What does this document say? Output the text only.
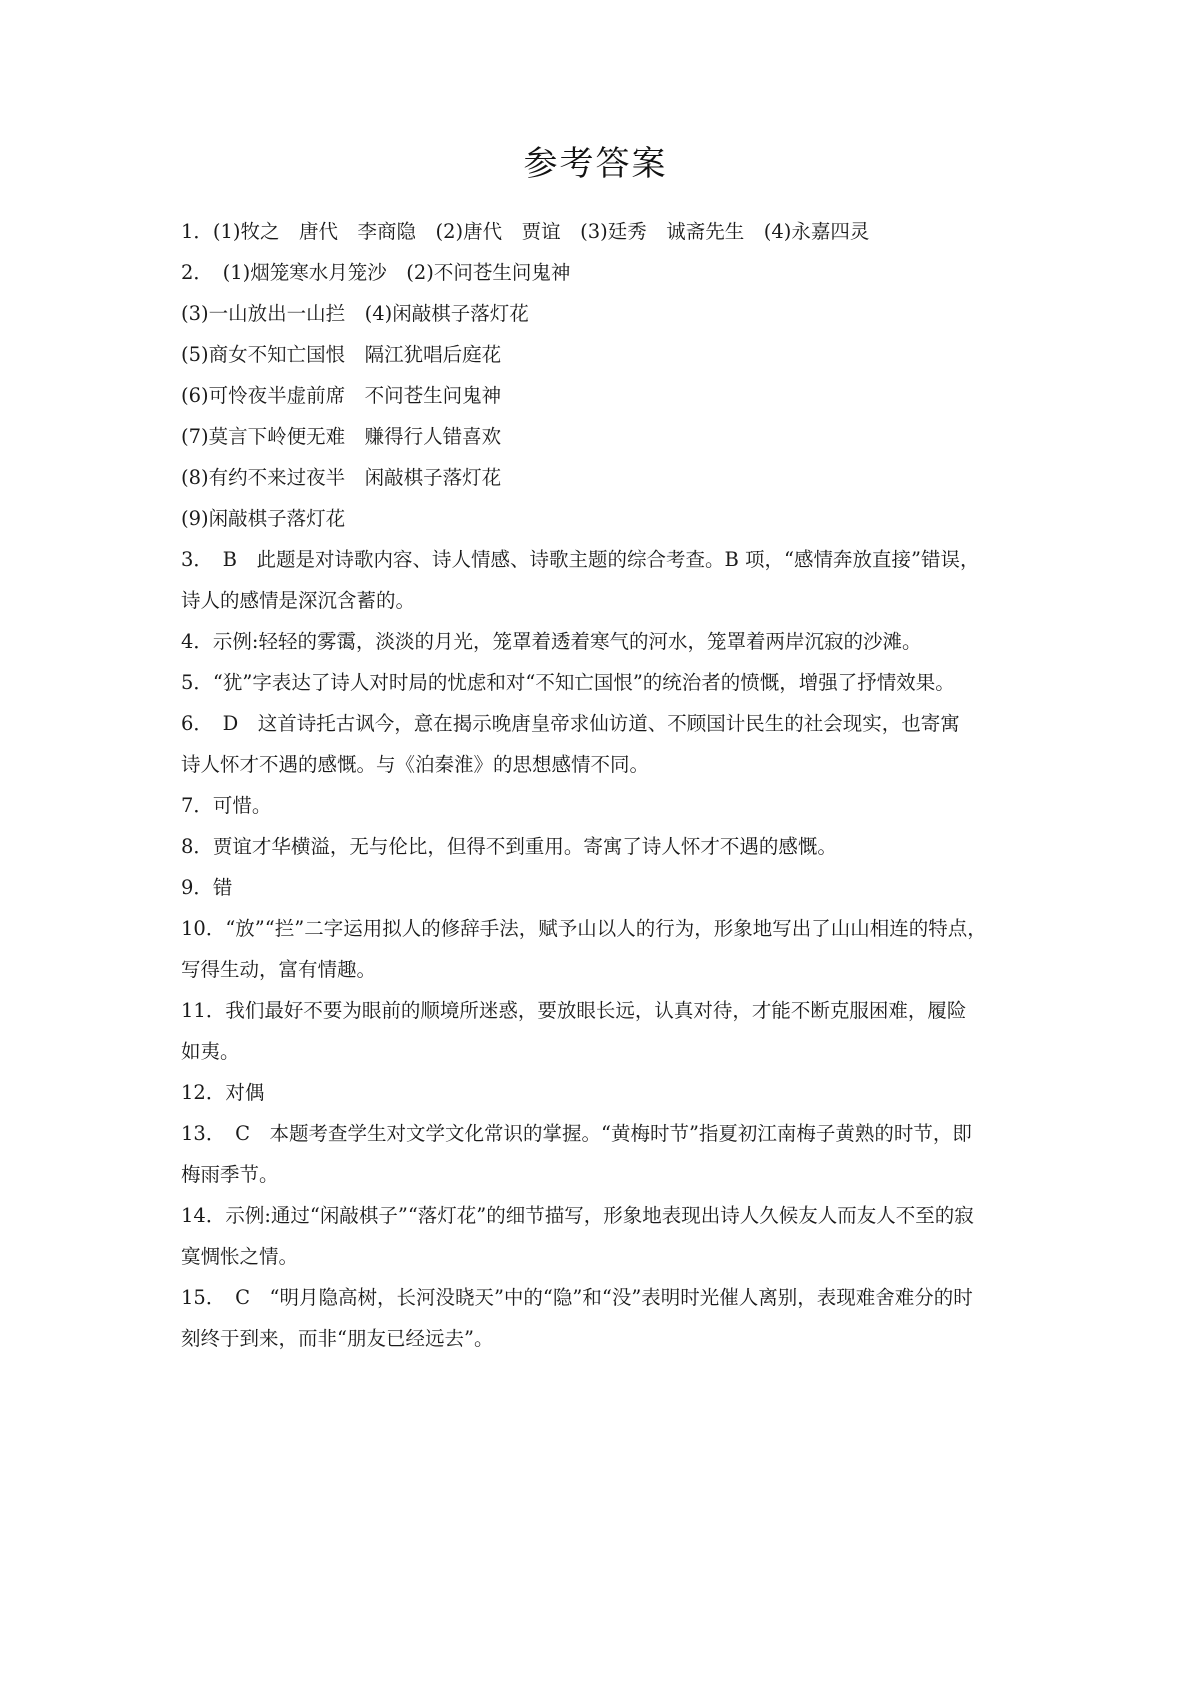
参考答案
1．(1)牧之　唐代　李商隐　(2)唐代　贾谊　(3)廷秀　诚斋先生　(4)永嘉四灵
2．　(1)烟笼寒水月笼沙　(2)不问苍生问鬼神
(3)一山放出一山拦　(4)闲敲棋子落灯花
(5)商女不知亡国恨　隔江犹唱后庭花
(6)可怜夜半虚前席　不问苍生问鬼神
(7)莫言下岭便无难　赚得行人错喜欢
(8)有约不来过夜半　闲敲棋子落灯花
(9)闲敲棋子落灯花
3．　B　此题是对诗歌内容、诗人情感、诗歌主题的综合考查。B 项，“感情奔放直接”错误，
诗人的感情是深沉含蓄的。
4．示例:轻轻的雾霭，淡淡的月光，笼罩着透着寒气的河水，笼罩着两岸沉寂的沙滩。
5．“犹”字表达了诗人对时局的忧虑和对“不知亡国恨”的统治者的愤慨，增强了抒情效果。
6．　D　这首诗托古讽今，意在揭示晚唐皇帝求仙访道、不顾国计民生的社会现实，也寄寓
诗人怀才不遇的感慨。与《泊秦淮》的思想感情不同。
7．可惜。
8．贾谊才华横溢，无与伦比，但得不到重用。寄寓了诗人怀才不遇的感慨。
9．错
10．“放”“拦”二字运用拟人的修辞手法，赋予山以人的行为，形象地写出了山山相连的特点，
写得生动，富有情趣。
11．我们最好不要为眼前的顺境所迷惑，要放眼长远，认真对待，才能不断克服困难，履险
如夷。
12．对偶
13．　C　本题考查学生对文学文化常识的掌握。“黄梅时节”指夏初江南梅子黄熟的时节，即
梅雨季节。
14．示例:通过“闲敲棋子”“落灯花”的细节描写，形象地表现出诗人久候友人而友人不至的寂
寞惆怅之情。
15．　C　“明月隐高树，长河没晓天”中的“隐”和“没”表明时光催人离别，表现难舍难分的时
刻终于到来，而非“朋友已经远去”。
